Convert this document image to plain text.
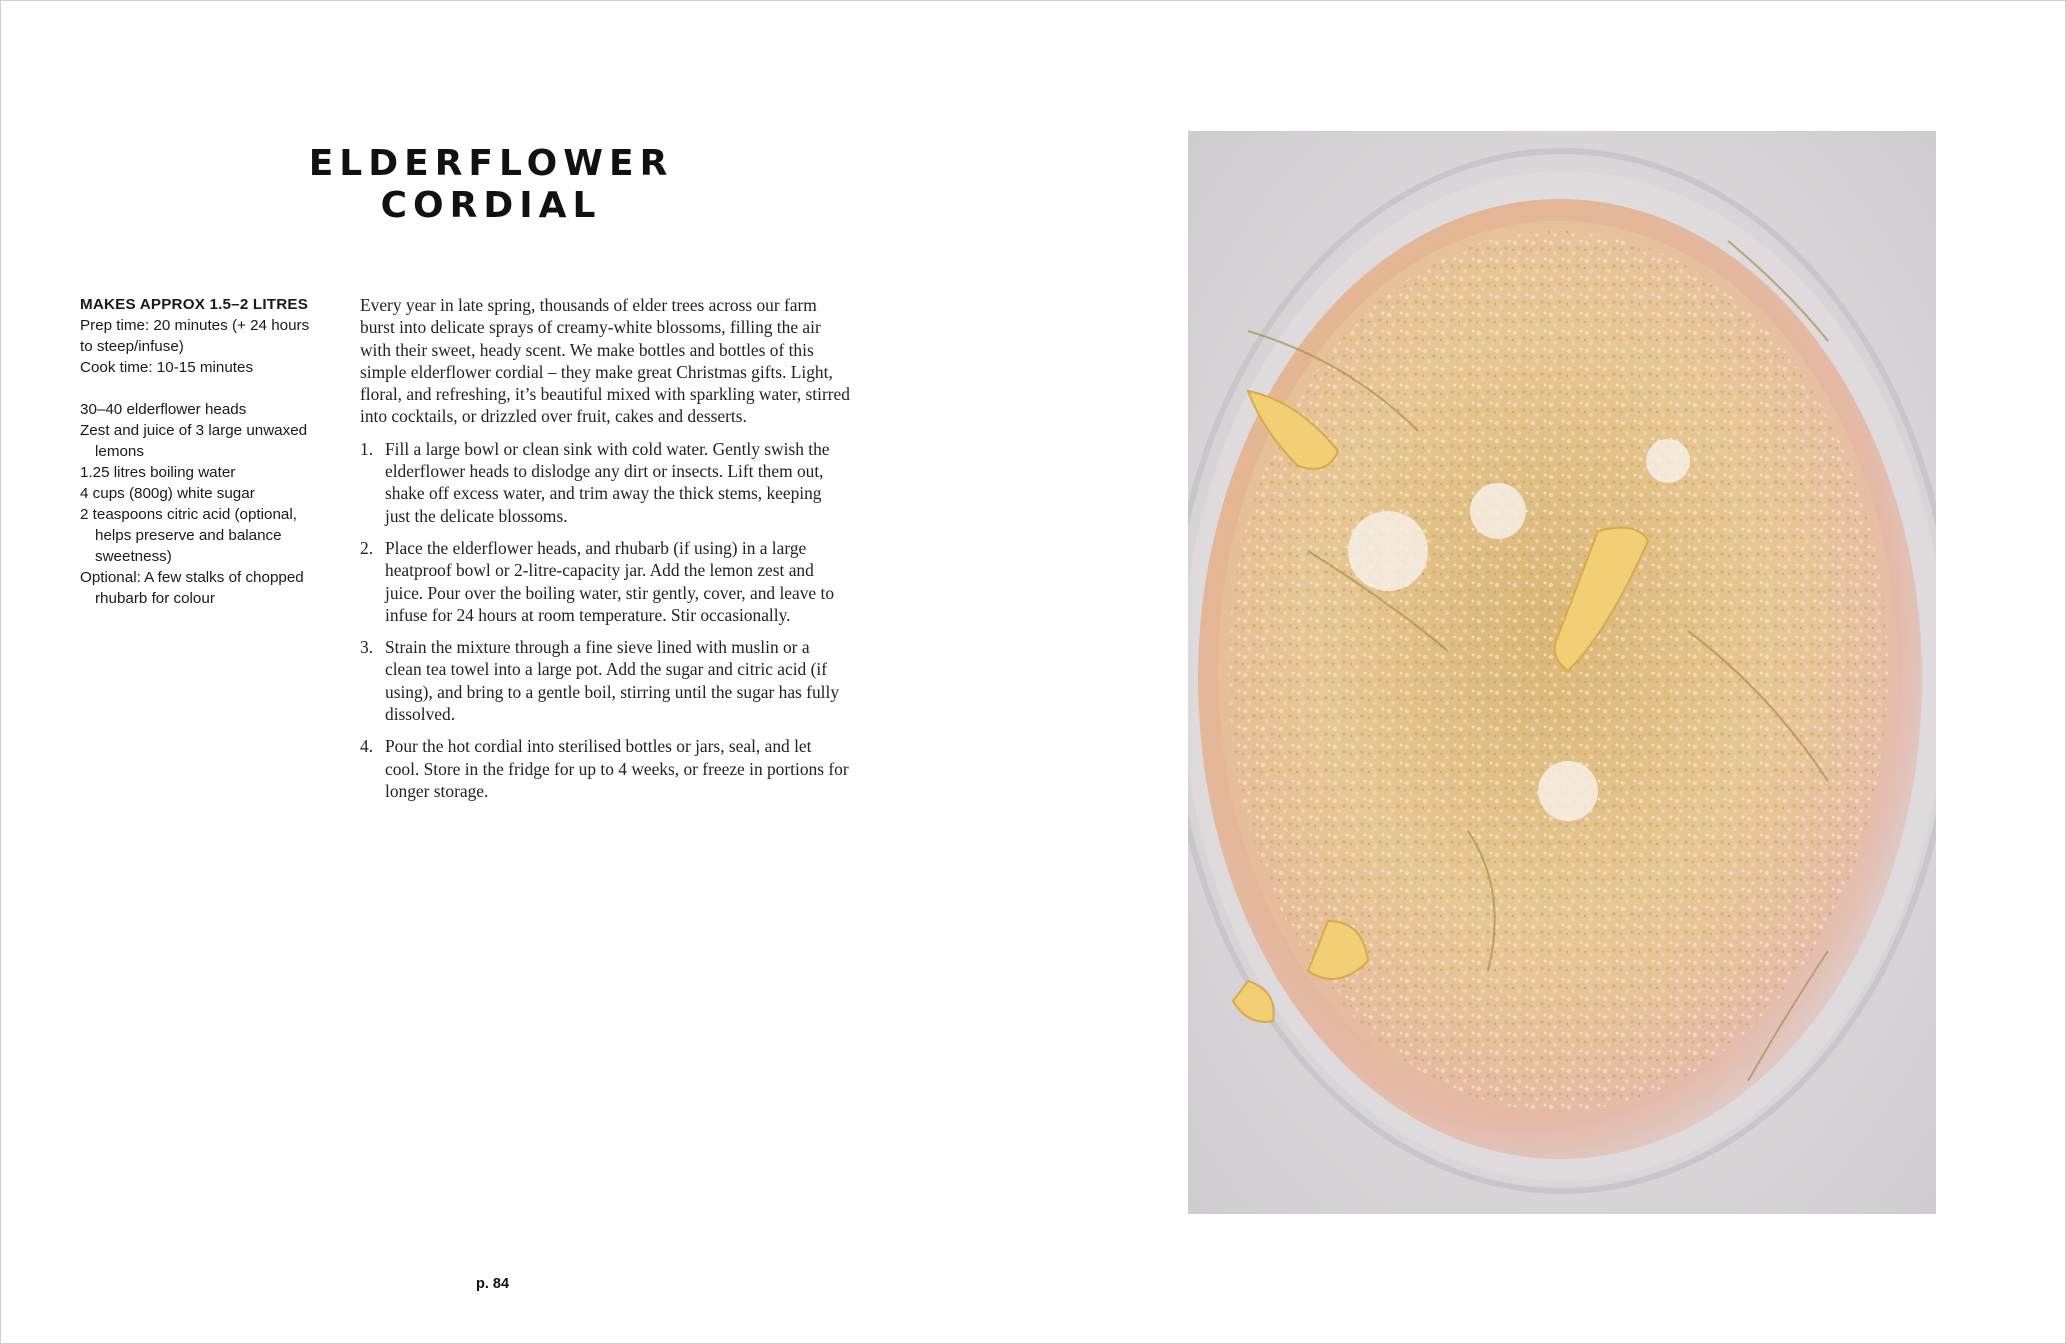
ELDERFLOWER
CORDIAL
MAKES APPROX 1.5–2 LITRES
Prep time: 20 minutes (+ 24 hours to steep/infuse)
Cook time: 10-15 minutes
30–40 elderflower heads
Zest and juice of 3 large unwaxed lemons
1.25 litres boiling water
4 cups (800g) white sugar
2 teaspoons citric acid (optional, helps preserve and balance sweetness)
Optional: A few stalks of chopped rhubarb for colour

Every year in late spring, thousands of elder trees across our farm burst into delicate sprays of creamy-white blossoms, filling the air with their sweet, heady scent. We make bottles and bottles of this simple elderflower cordial – they make great Christmas gifts. Light, floral, and refreshing, it’s beautiful mixed with sparkling water, stirred into cocktails, or drizzled over fruit, cakes and desserts.

1. Fill a large bowl or clean sink with cold water. Gently swish the elderflower heads to dislodge any dirt or insects. Lift them out, shake off excess water, and trim away the thick stems, keeping just the delicate blossoms.
2. Place the elderflower heads, and rhubarb (if using) in a large heatproof bowl or 2-litre-capacity jar. Add the lemon zest and juice. Pour over the boiling water, stir gently, cover, and leave to infuse for 24 hours at room temperature. Stir occasionally.
3. Strain the mixture through a fine sieve lined with muslin or a clean tea towel into a large pot. Add the sugar and citric acid (if using), and bring to a gentle boil, stirring until the sugar has fully dissolved.
4. Pour the hot cordial into sterilised bottles or jars, seal, and let cool. Store in the fridge for up to 4 weeks, or freeze in portions for longer storage.
p. 84
